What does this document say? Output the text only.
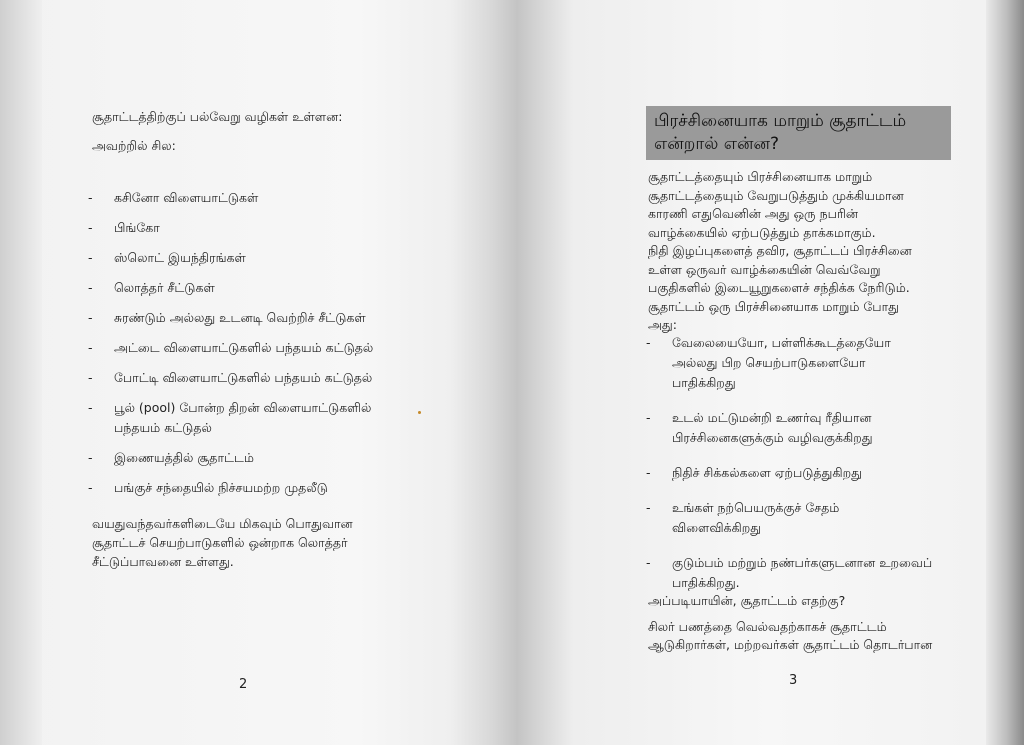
சூதாட்டத்திற்குப் பல்வேறு வழிகள் உள்ளன:
அவற்றில் சில:
- கசினோ விளையாட்டுகள்
- பிங்கோ
- ஸ்லொட் இயந்திரங்கள்
- லொத்தர் சீட்டுகள்
- சுரண்டும் அல்லது உடனடி வெற்றிச் சீட்டுகள்
- அட்டை விளையாட்டுகளில் பந்தயம் கட்டுதல்
- போட்டி விளையாட்டுகளில் பந்தயம் கட்டுதல்
- பூல் (pool) போன்ற திறன் விளையாட்டுகளில்
பந்தயம் கட்டுதல்
- இணையத்தில் சூதாட்டம்
- பங்குச் சந்தையில் நிச்சயமற்ற முதலீடு
வயதுவந்தவர்களிடையே மிகவும் பொதுவான
சூதாட்டச் செயற்பாடுகளில் ஒன்றாக லொத்தர்
சீட்டுப்பாவனை உள்ளது.
2
பிரச்சினையாக மாறும் சூதாட்டம்
என்றால் என்ன?
சூதாட்டத்தையும் பிரச்சினையாக மாறும்
சூதாட்டத்தையும் வேறுபடுத்தும் முக்கியமான
காரணி எதுவெனின் அது ஒரு நபரின்
வாழ்க்கையில் ஏற்படுத்தும் தாக்கமாகும்.
நிதி இழப்புகளைத் தவிர, சூதாட்டப் பிரச்சினை
உள்ள ஒருவர் வாழ்க்கையின் வெவ்வேறு
பகுதிகளில் இடையூறுகளைச் சந்திக்க நேரிடும்.
சூதாட்டம் ஒரு பிரச்சினையாக மாறும் போது
அது:
- வேலையையோ, பள்ளிக்கூடத்தையோ
அல்லது பிற செயற்பாடுகளையோ
பாதிக்கிறது
- உடல் மட்டுமன்றி உணர்வு ரீதியான
பிரச்சினைகளுக்கும் வழிவகுக்கிறது
- நிதிச் சிக்கல்களை ஏற்படுத்துகிறது
- உங்கள் நற்பெயருக்குச் சேதம்
விளைவிக்கிறது
- குடும்பம் மற்றும் நண்பர்களுடனான உறவைப்
பாதிக்கிறது.
அப்படியாயின், சூதாட்டம் எதற்கு?
சிலர் பணத்தை வெல்வதற்காகச் சூதாட்டம்
ஆடுகிறார்கள், மற்றவர்கள் சூதாட்டம் தொடர்பான
3
